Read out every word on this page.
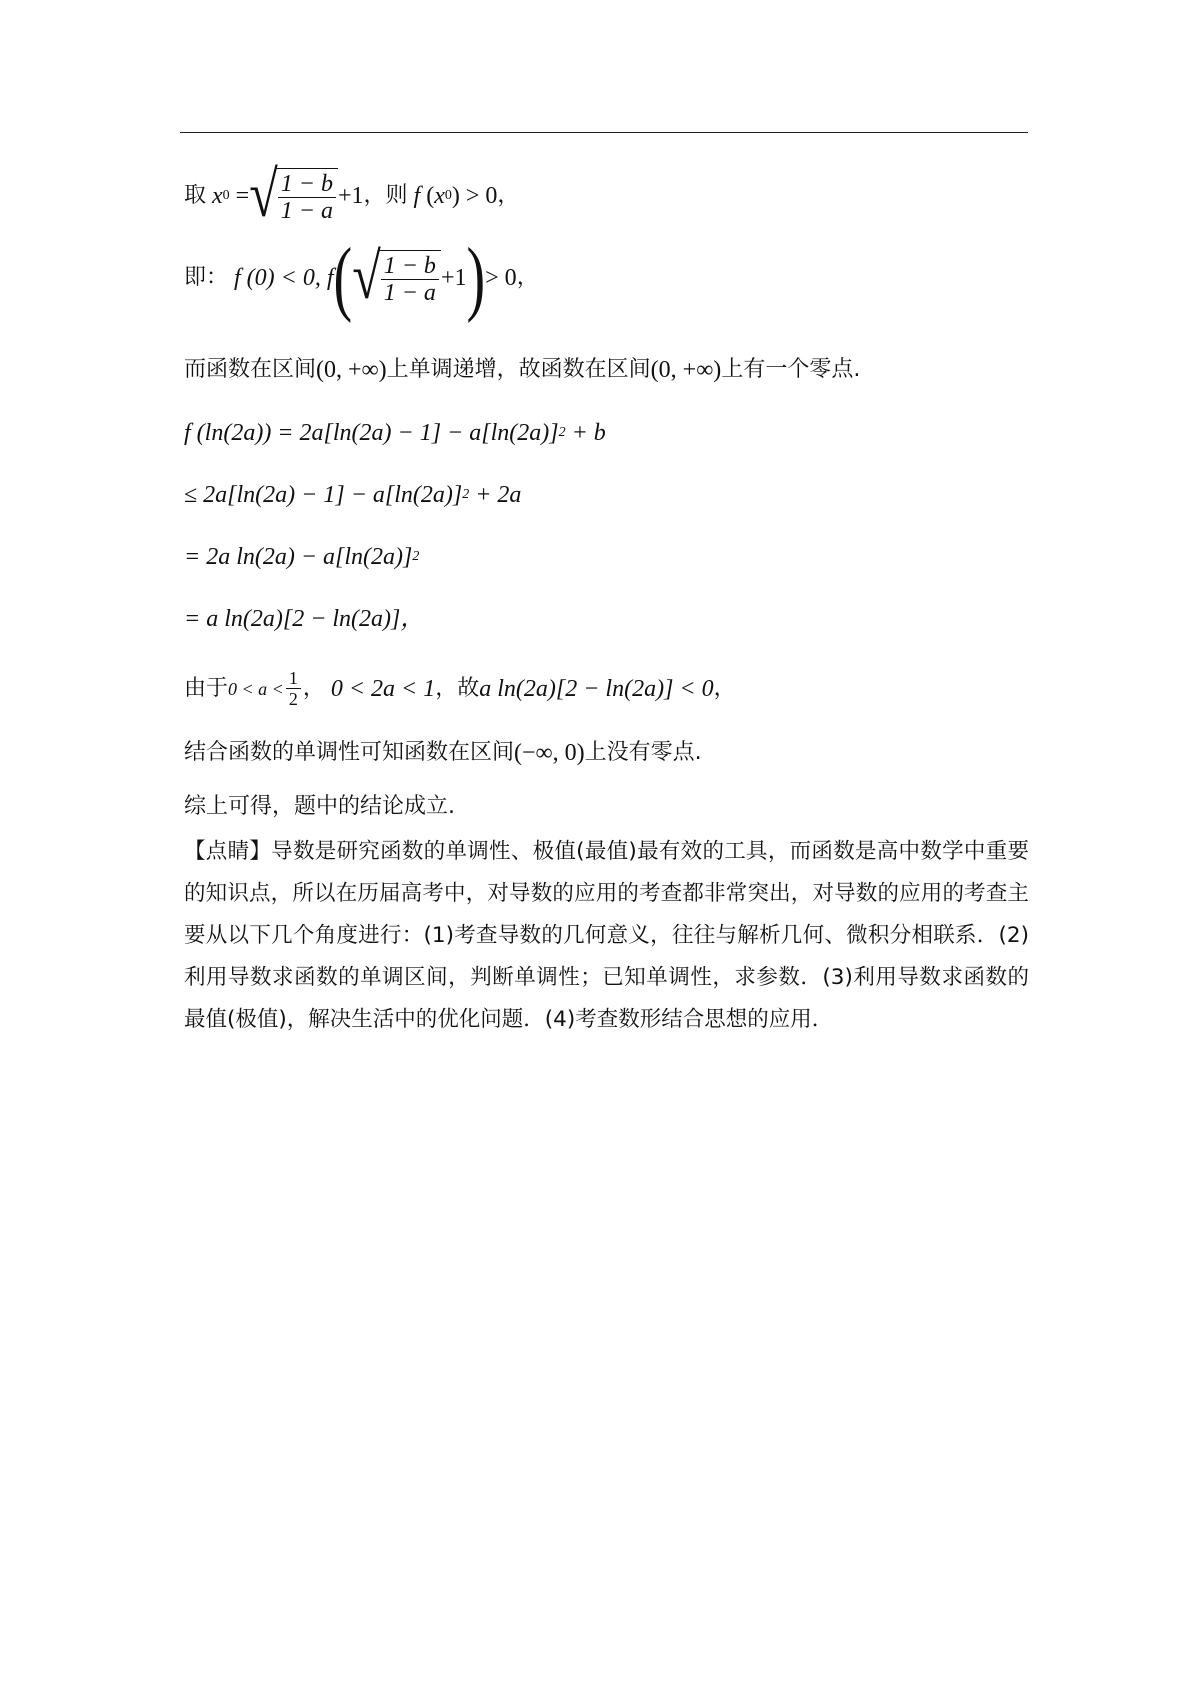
取 x 0 = √ $\frac{1 - b}{1 - a} +1$ ，则 f ( x 0 ) > 0 ，
即： f (0) < 0, f ( √ $\frac{1 - b}{1 - a} +1$ ) > 0 ，
而函数在区间 (0, +∞) 上单调递增，故函数在区间 (0, +∞) 上有一个零点.
f (ln(2a)) = 2a[ln(2a) − 1] − a[ln(2a)] 2
+ b
≤ 2a[ln(2a) − 1] − a[ln(2a)] 2
+ 2a
= 2a ln(2a) − a[ln(2a)] 2
= a ln(2a)[2 − ln(2a)]，
由于 $0 < a < \frac{1}{2}$ ， 0 < 2a < 1 ，故 a ln(2a)[2 − ln(2a)] < 0 ，
结合函数的单调性可知函数在区间 (−∞, 0) 上没有零点.
综上可得，题中的结论成立.
【点睛】导数是研究函数的单调性、极值(最值)最有效的工具，而函数是高中数学中重要的知识点，所以在历届高考中，对导数的应用的考查都非常突出，对导数的应用的考查主要从以下几个角度进行：(1)考查导数的几何意义，往往与解析几何、微积分相联系．(2)利用导数求函数的单调区间，判断单调性；已知单调性，求参数．(3)利用导数求函数的最值(极值)，解决生活中的优化问题．(4)考查数形结合思想的应用．
